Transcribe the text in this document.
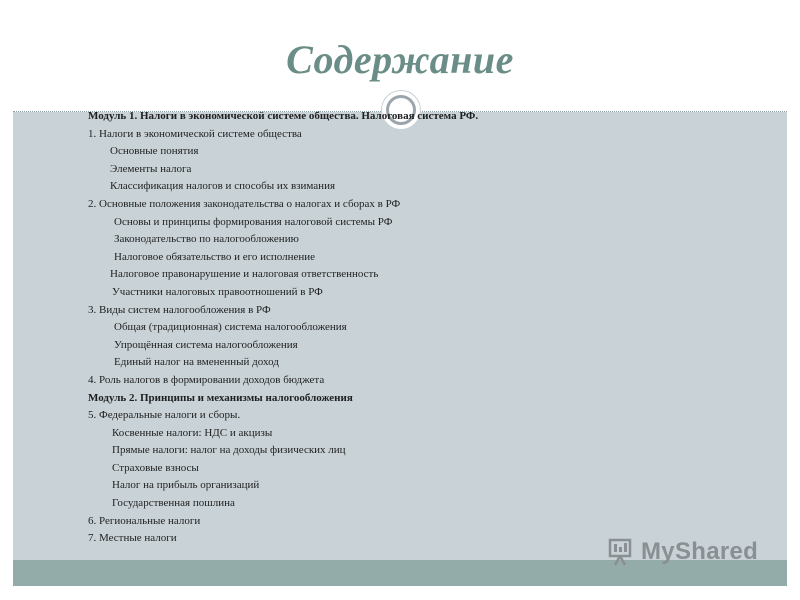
Содержание
Модуль 1. Налоги в экономической системе общества. Налоговая система РФ.
1. Налоги в экономической системе общества
Основные понятия
Элементы налога
Классификация налогов и способы их взимания
2. Основные положения законодательства о налогах и сборах в РФ
Основы и принципы формирования налоговой системы РФ
Законодательство по налогообложению
Налоговое обязательство и его исполнение
Налоговое правонарушение и налоговая ответственность
Участники налоговых правоотношений в РФ
3. Виды систем налогообложения в РФ
Общая (традиционная) система налогообложения
Упрощённая система налогообложения
Единый налог на вмененный доход
4. Роль налогов в формировании доходов бюджета
Модуль 2. Принципы и механизмы налогообложения
5. Федеральные налоги и сборы.
Косвенные налоги: НДС и акцизы
Прямые налоги: налог на доходы физических лиц
Страховые взносы
Налог на прибыль организаций
Государственная пошлина
6. Региональные налоги
7. Местные налоги	MyShared
